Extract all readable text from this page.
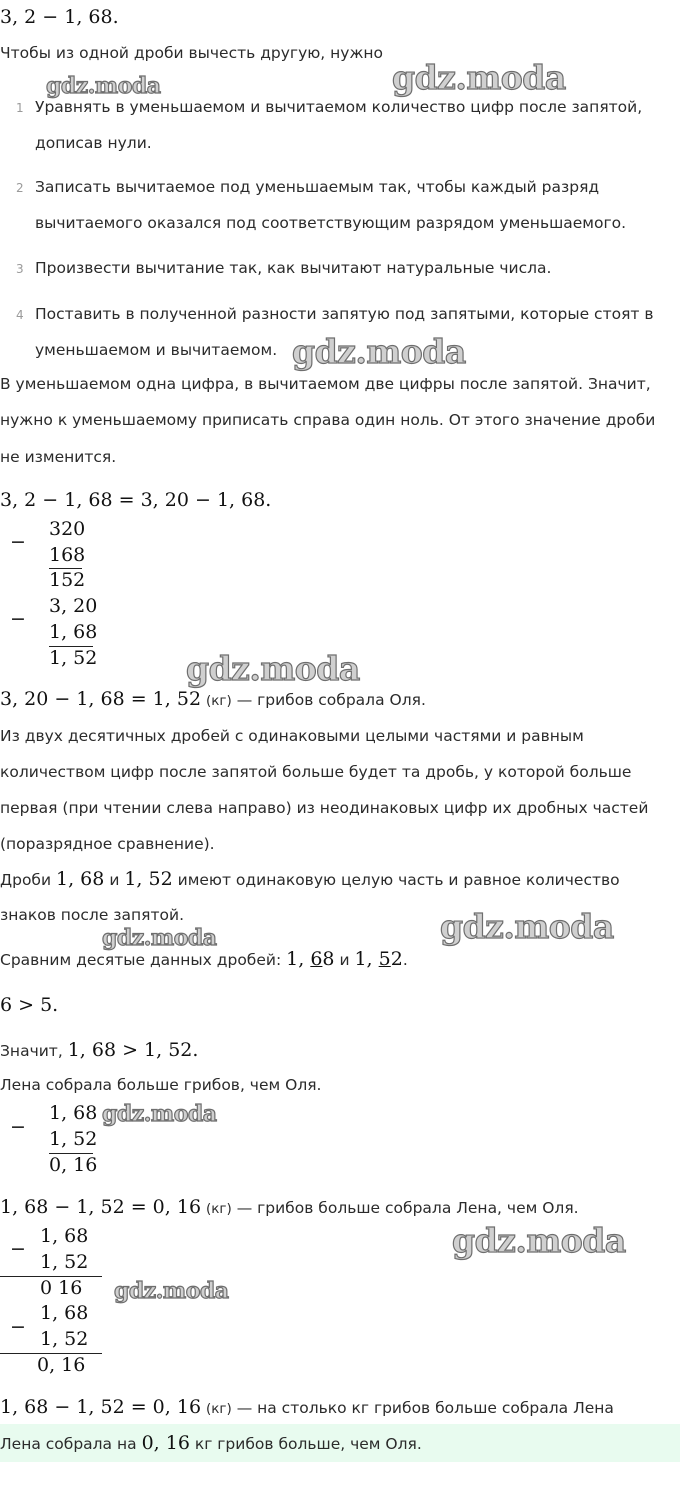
3, 2 − 1, 68.
Чтобы из одной дроби вычесть другую, нужно
1 Уравнять в уменьшаемом и вычитаемом количество цифр после запятой,
дописав нули.
2 Записать вычитаемое под уменьшаемым так, чтобы каждый разряд
вычитаемого оказался под соответствующим разрядом уменьшаемого.
3 Произвести вычитание так, как вычитают натуральные числа.
4 Поставить в полученной разности запятую под запятыми, которые стоят в
уменьшаемом и вычитаемом.
В уменьшаемом одна цифра, в вычитаемом две цифры после запятой. Значит,
нужно к уменьшаемому приписать справа один ноль. От этого значение дроби
не изменится.
3, 2 − 1, 68 = 3, 20 − 1, 68.
−
320
168
152
−
3, 20
1, 68
1, 52
3, 20 − 1, 68 = 1, 52 (кг) — грибов собрала Оля.
Из двух десятичных дробей с одинаковыми целыми частями и равным
количеством цифр после запятой больше будет та дробь, у которой больше
первая (при чтении слева направо) из неодинаковых цифр их дробных частей
(поразрядное сравнение).
Дроби 1, 68 и 1, 52 имеют одинаковую целую часть и равное количество
знаков после запятой.
Сравним десятые данных дробей: 1, 68 и 1, 52.
6 > 5.
Значит, 1, 68 > 1, 52.
Лена собрала больше грибов, чем Оля.
−
1, 68
1, 52
0, 16
1, 68 − 1, 52 = 0, 16 (кг) — грибов больше собрала Лена, чем Оля.
−
1, 68
1, 52
0 16
−
1, 68
1, 52
0, 16
1, 68 − 1, 52 = 0, 16 (кг) — на столько кг грибов больше собрала Лена
Лена собрала на 0, 16 кг грибов больше, чем Оля.
gdz.moda	gdz.moda
gdz.moda
gdz.moda
gdz.moda
gdz.moda
gdz.moda
gdz.moda
gdz.moda
